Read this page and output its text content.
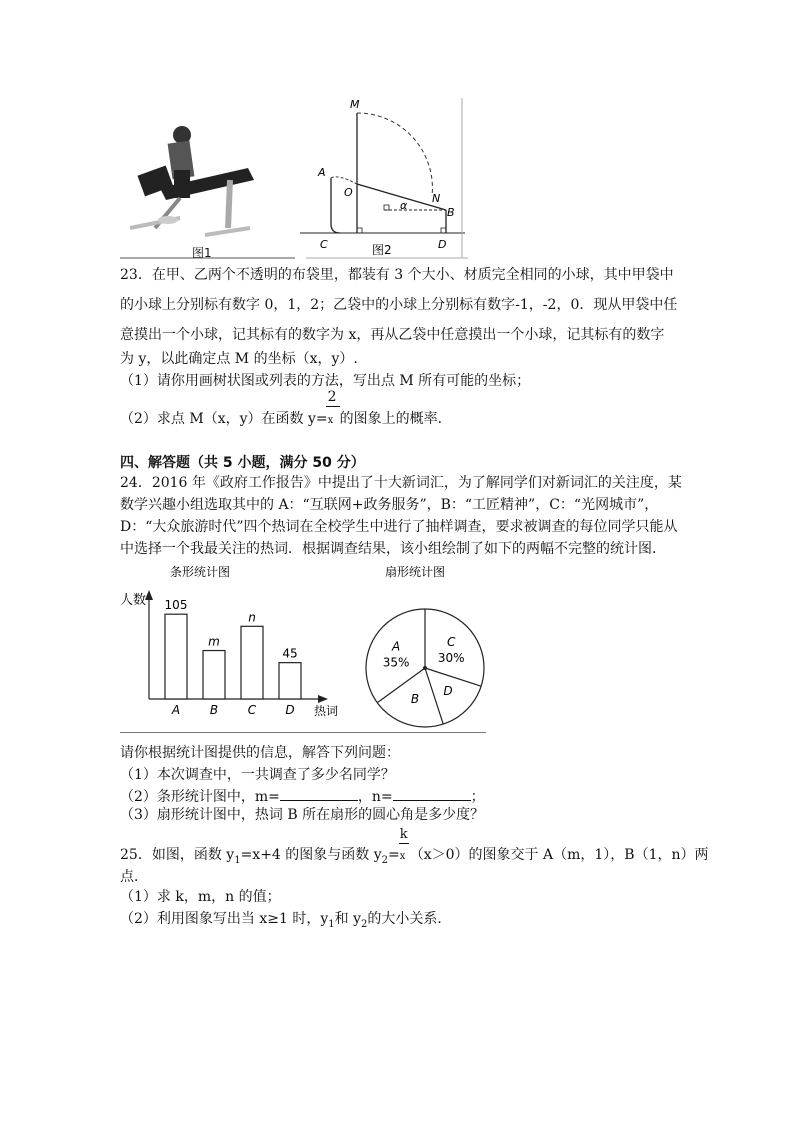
图1
M
A
O	N
B
C	D
α
图2
23．在甲、乙两个不透明的布袋里，都装有 3 个大小、材质完全相同的小球，其中甲袋中
的小球上分别标有数字 0，1，2；乙袋中的小球上分别标有数字-1，-2，0．现从甲袋中任
意摸出一个小球，记其标有的数字为 x，再从乙袋中任意摸出一个小球，记其标有的数字
为 y，以此确定点 M 的坐标（x，y）.
（1）请你用画树状图或列表的方法，写出点 M 所有可能的坐标；
（2）求点 M（x，y）在函数 $y= \frac{2}{x}$的图象上的概率．
四、解答题（共 5 小题，满分 50 分）
24．2016 年《政府工作报告》中提出了十大新词汇，为了解同学们对新词汇的关注度，某
数学兴趣小组选取其中的 A：“互联网+政务服务”，B：“工匠精神”，C：“光网城市”，
D：“大众旅游时代”四个热词在全校学生中进行了抽样调查，要求被调查的每位同学只能从
中选择一个我最关注的热词．根据调查结果，该小组绘制了如下的两幅不完整的统计图．
条形统计图
人数
热词
105
A
m
B
n
C
45
D
扇形统计图
C
30%
D
B
A
35%
请你根据统计图提供的信息，解答下列问题：
（1）本次调查中，一共调查了多少名同学？
（2）条形统计图中，m=	，n=	；
（3）扇形统计图中，热词 B 所在扇形的圆心角是多少度？
25．如图，函数 $y_1=x+4$ 的图象与函数 $y_2= \frac{k}{x}(x>0)$的图象交于 A（m，1），B（1，n）两
点．
（1）求 k，m，n 的值；
（2）利用图象写出当 x≥1 时，$y_1$和 $y_2$的大小关系．
